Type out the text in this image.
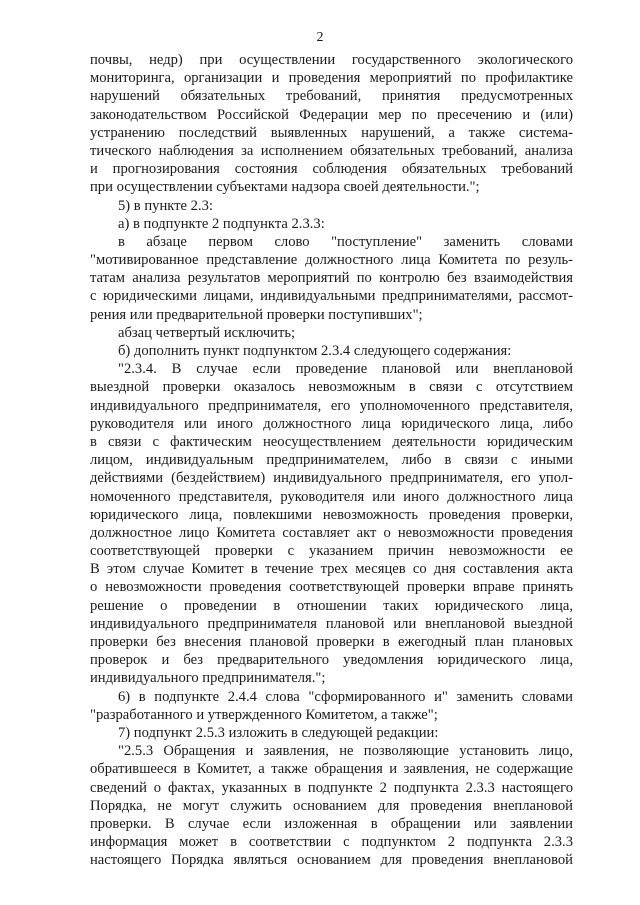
2
почвы, недр) при осуществлении государственного экологического
мониторинга, организации и проведения мероприятий по профилактике
нарушений обязательных требований, принятия предусмотренных
законодательством Российской Федерации мер по пресечению и (или)
устранению последствий выявленных нарушений, а также система-
тического наблюдения за исполнением обязательных требований, анализа
и прогнозирования состояния соблюдения обязательных требований
при осуществлении субъектами надзора своей деятельности.";
5) в пункте 2.3:
а) в подпункте 2 подпункта 2.3.3:
в абзаце первом слово "поступление" заменить словами
"мотивированное представление должностного лица Комитета по резуль-
татам анализа результатов мероприятий по контролю без взаимодействия
с юридическими лицами, индивидуальными предпринимателями, рассмот-
рения или предварительной проверки поступивших";
абзац четвертый исключить;
б) дополнить пункт подпунктом 2.3.4 следующего содержания:
"2.3.4. В случае если проведение плановой или внеплановой
выездной проверки оказалось невозможным в связи с отсутствием
индивидуального предпринимателя, его уполномоченного представителя,
руководителя или иного должностного лица юридического лица, либо
в связи с фактическим неосуществлением деятельности юридическим
лицом, индивидуальным предпринимателем, либо в связи с иными
действиями (бездействием) индивидуального предпринимателя, его упол-
номоченного представителя, руководителя или иного должностного лица
юридического лица, повлекшими невозможность проведения проверки,
должностное лицо Комитета составляет акт о невозможности проведения
соответствующей проверки с указанием причин невозможности ее
В этом случае Комитет в течение трех месяцев со дня составления акта
о невозможности проведения соответствующей проверки вправе принять
решение о проведении в отношении таких юридического лица,
индивидуального предпринимателя плановой или внеплановой выездной
проверки без внесения плановой проверки в ежегодный план плановых
проверок и без предварительного уведомления юридического лица,
индивидуального предпринимателя.";
6) в подпункте 2.4.4 слова "сформированного и" заменить словами
"разработанного и утвержденного Комитетом, а также";
7) подпункт 2.5.3 изложить в следующей редакции:
"2.5.3 Обращения и заявления, не позволяющие установить лицо,
обратившееся в Комитет, а также обращения и заявления, не содержащие
сведений о фактах, указанных в подпункте 2 подпункта 2.3.3 настоящего
Порядка, не могут служить основанием для проведения внеплановой
проверки. В случае если изложенная в обращении или заявлении
информация может в соответствии с подпунктом 2 подпункта 2.3.3
настоящего Порядка являться основанием для проведения внеплановой
